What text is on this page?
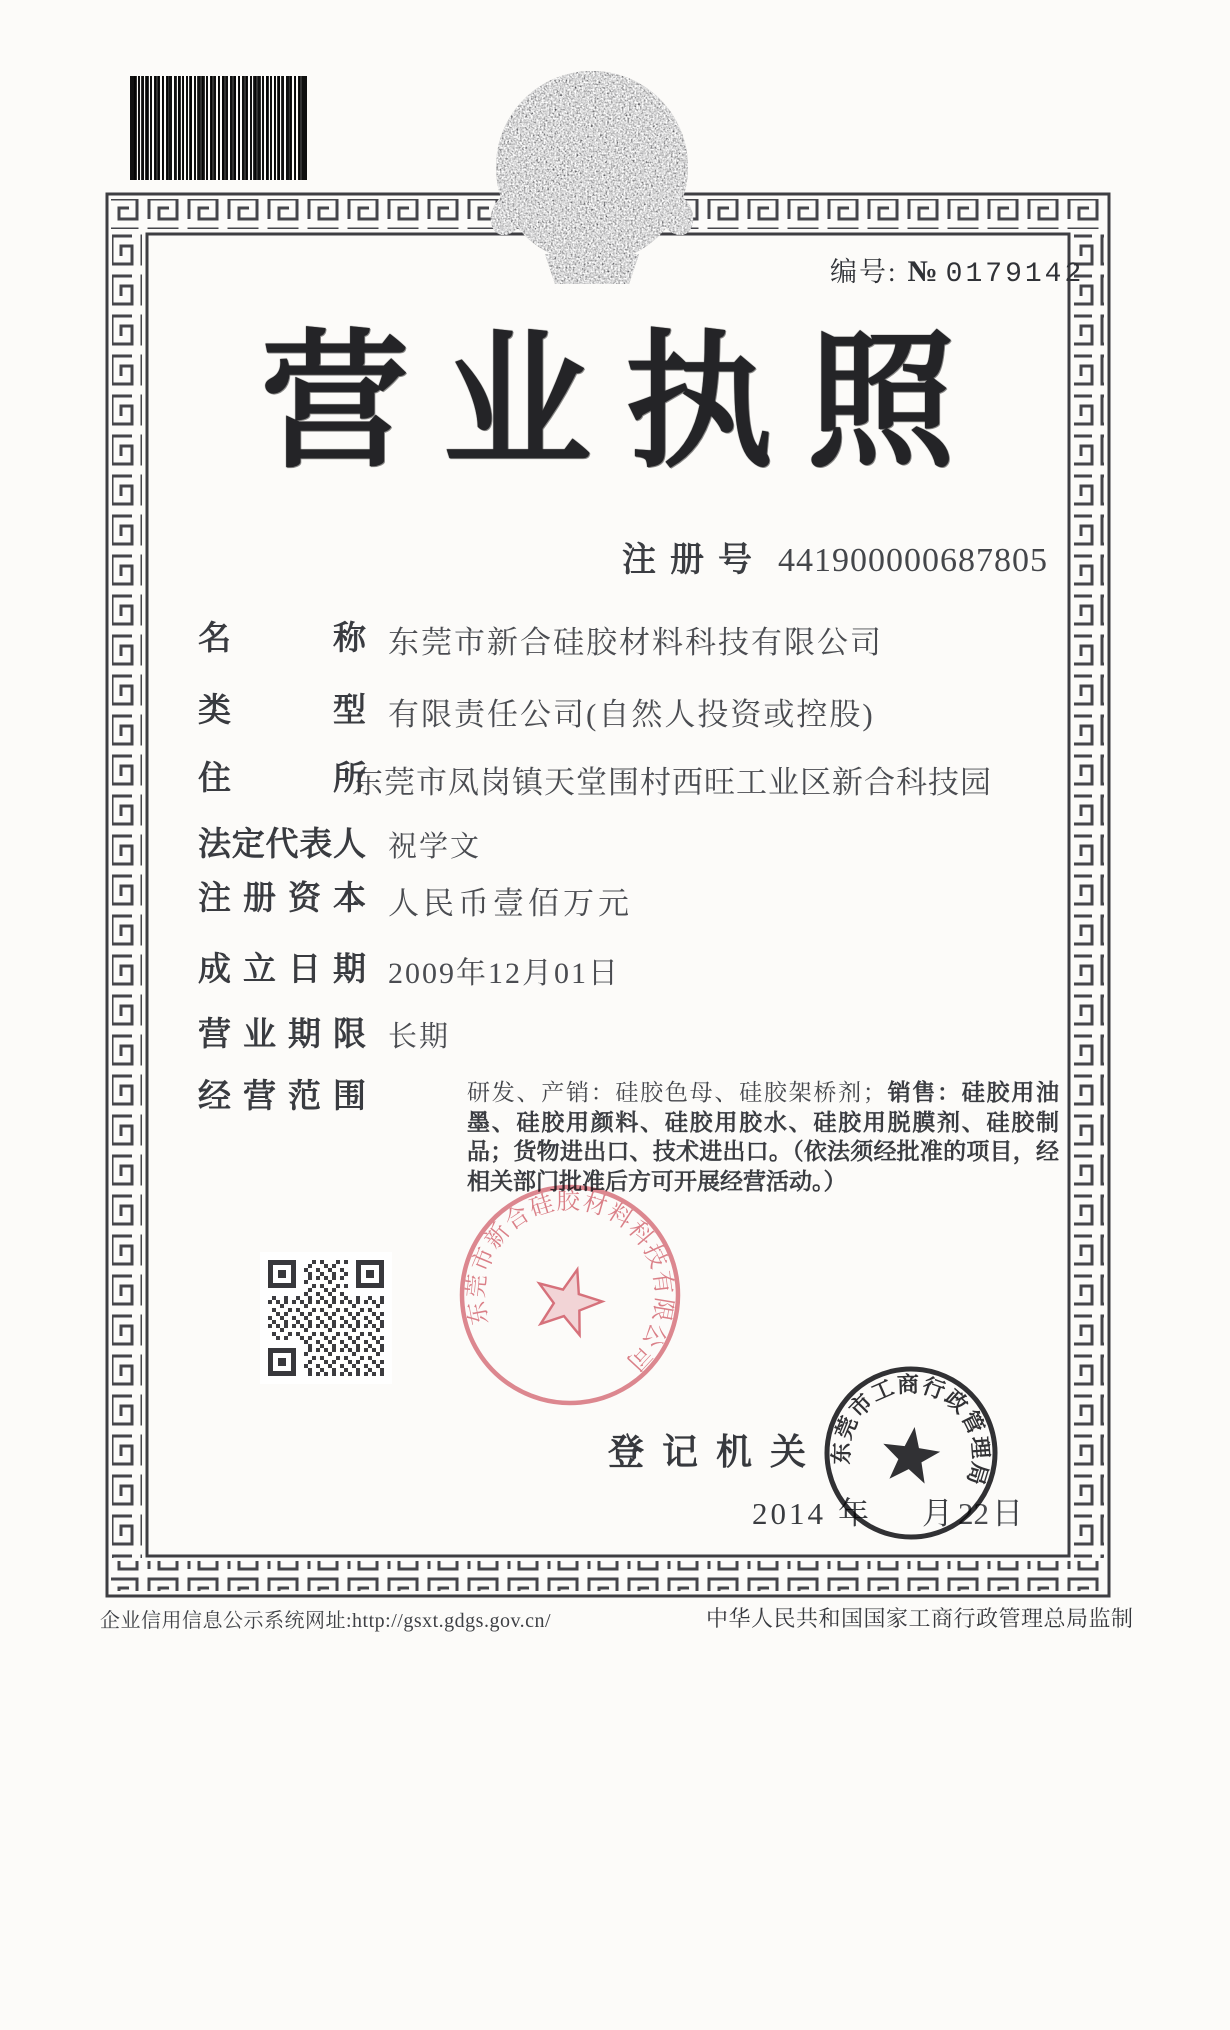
编号: № 0179142
营业执照
注册号 441900000687805
名称 东莞市新合硅胶材料科技有限公司
类型 有限责任公司(自然人投资或控股)
住所
东莞市凤岗镇天堂围村西旺工业区新合科技园
法定代表人 祝学文
注册资本 人民币壹佰万元
成立日期 2009年12月01日
营业期限 长期
经营范围	研发、产销：硅胶色母、硅胶架桥剂；销售：硅胶用油墨、硅胶用颜料、硅胶用胶水、硅胶用脱膜剂、硅胶制品；货物进出口、技术进出口。（依法须经批准的项目，经相关部门批准后方可开展经营活动。）
东莞市新合硅胶材料科技有限公司
登记机关
2014 年 月 22日
东莞市工商行政管理局
企业信用信息公示系统网址:http://gsxt.gdgs.gov.cn/	中华人民共和国国家工商行政管理总局监制
